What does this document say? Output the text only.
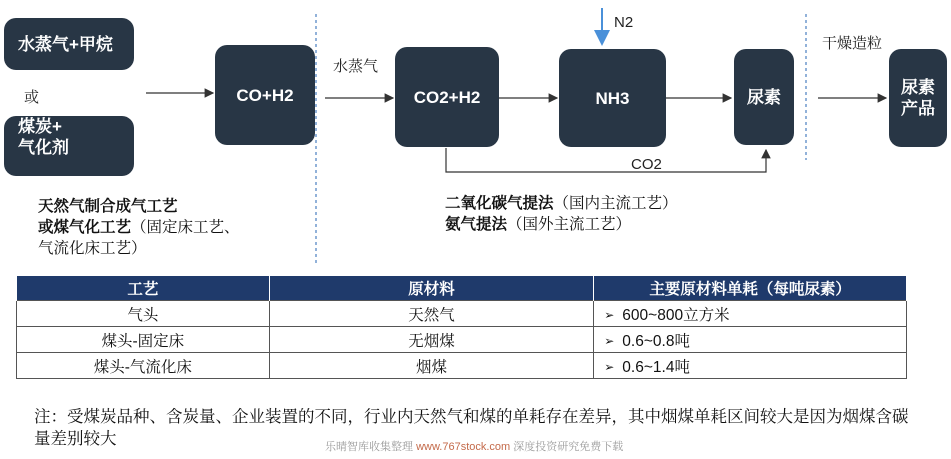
水蒸气+甲烷
或
煤炭+
气化剂
CO+H2
水蒸气
CO2+H2
N2
NH3	尿素
CO2
干燥造粒
尿素
产品
天然气制合成气工艺
或煤气化工艺（固定床工艺、
气流化床工艺）
二氧化碳气提法（国内主流工艺）
氨气提法（国外主流工艺）
工艺	原材料	主要原材料单耗（每吨尿素）
气头	天然气	➢ 600~800立方米
煤头-固定床	无烟煤	➢ 0.6~0.8吨
煤头-气流化床	烟煤	➢ 0.6~1.4吨
注：受煤炭品种、含炭量、企业装置的不同，行业内天然气和煤的单耗存在差异，其中烟煤单耗区间较大是因为烟煤含碳量差别较大	乐晴智库收集整理 www.767stock.com 深度投资研究免费下载
